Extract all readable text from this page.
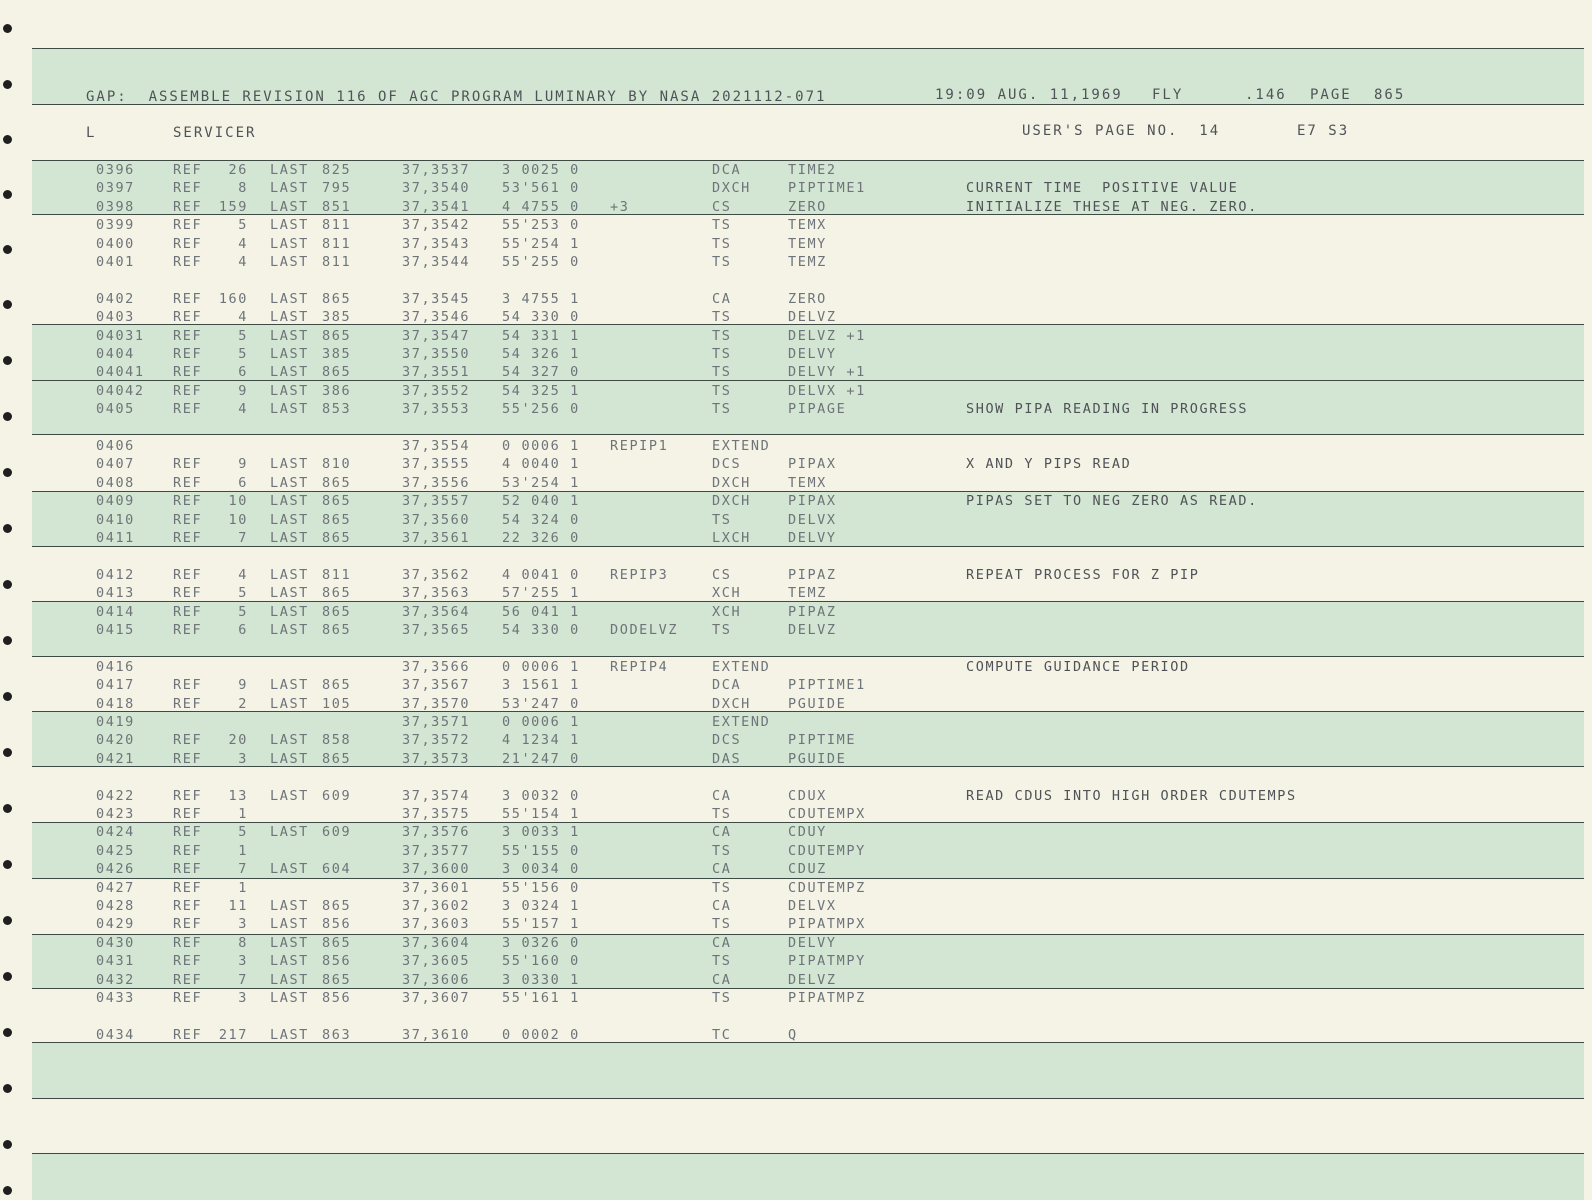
GAP:  ASSEMBLE REVISION 116 OF AGC PROGRAM LUMINARY BY NASA 2021112-071	19:09 AUG. 11,1969 FLY	.146 PAGE 865
L	SERVICER	USER'S PAGE NO.  14	E7 S3
0396	REF	26 LAST 825	37,3537 3 0025 0	DCA	TIME2
0397	REF	8 LAST 795	37,3540 53'561 0	DXCH	PIPTIME1	CURRENT TIME  POSITIVE VALUE
0398	REF	159 LAST 851	37,3541 4 4755 0 +3	CS	ZERO	INITIALIZE THESE AT NEG. ZERO.
0399	REF	5 LAST 811	37,3542 55'253 0	TS	TEMX
0400	REF	4 LAST 811	37,3543 55'254 1	TS	TEMY
0401	REF	4 LAST 811	37,3544 55'255 0	TS	TEMZ
0402	REF	160 LAST 865	37,3545 3 4755 1	CA	ZERO
0403	REF	4 LAST 385	37,3546 54 330 0	TS	DELVZ
04031 REF	5 LAST 865	37,3547 54 331 1	TS	DELVZ +1
0404	REF	5 LAST 385	37,3550 54 326 1	TS	DELVY
04041 REF	6 LAST 865	37,3551 54 327 0	TS	DELVY +1
04042 REF	9 LAST 386	37,3552 54 325 1	TS	DELVX +1
0405	REF	4 LAST 853	37,3553 55'256 0	TS	PIPAGE	SHOW PIPA READING IN PROGRESS
0406	37,3554 0 0006 1 REPIP1	EXTEND
0407	REF	9 LAST 810	37,3555 4 0040 1	DCS	PIPAX	X AND Y PIPS READ
0408	REF	6 LAST 865	37,3556 53'254 1	DXCH	TEMX
0409	REF	10 LAST 865	37,3557 52 040 1	DXCH	PIPAX	PIPAS SET TO NEG ZERO AS READ.
0410	REF	10 LAST 865	37,3560 54 324 0	TS	DELVX
0411	REF	7 LAST 865	37,3561 22 326 0	LXCH	DELVY
0412	REF	4 LAST 811	37,3562 4 0041 0 REPIP3	CS	PIPAZ	REPEAT PROCESS FOR Z PIP
0413	REF	5 LAST 865	37,3563 57'255 1	XCH	TEMZ
0414	REF	5 LAST 865	37,3564 56 041 1	XCH	PIPAZ
0415	REF	6 LAST 865	37,3565 54 330 0 DODELVZ	TS	DELVZ
0416	37,3566 0 0006 1 REPIP4	EXTEND	COMPUTE GUIDANCE PERIOD
0417	REF	9 LAST 865	37,3567 3 1561 1	DCA	PIPTIME1
0418	REF	2 LAST 105	37,3570 53'247 0	DXCH	PGUIDE
0419	37,3571 0 0006 1	EXTEND
0420	REF	20 LAST 858	37,3572 4 1234 1	DCS	PIPTIME
0421	REF	3 LAST 865	37,3573 21'247 0	DAS	PGUIDE
0422	REF	13 LAST 609	37,3574 3 0032 0	CA	CDUX	READ CDUS INTO HIGH ORDER CDUTEMPS
0423	REF	1	37,3575 55'154 1	TS	CDUTEMPX
0424	REF	5 LAST 609	37,3576 3 0033 1	CA	CDUY
0425	REF	1	37,3577 55'155 0	TS	CDUTEMPY
0426	REF	7 LAST 604	37,3600 3 0034 0	CA	CDUZ
0427	REF	1	37,3601 55'156 0	TS	CDUTEMPZ
0428	REF	11 LAST 865	37,3602 3 0324 1	CA	DELVX
0429	REF	3 LAST 856	37,3603 55'157 1	TS	PIPATMPX
0430	REF	8 LAST 865	37,3604 3 0326 0	CA	DELVY
0431	REF	3 LAST 856	37,3605 55'160 0	TS	PIPATMPY
0432	REF	7 LAST 865	37,3606 3 0330 1	CA	DELVZ
0433	REF	3 LAST 856	37,3607 55'161 1	TS	PIPATMPZ
0434	REF	217 LAST 863	37,3610 0 0002 0	TC	Q
